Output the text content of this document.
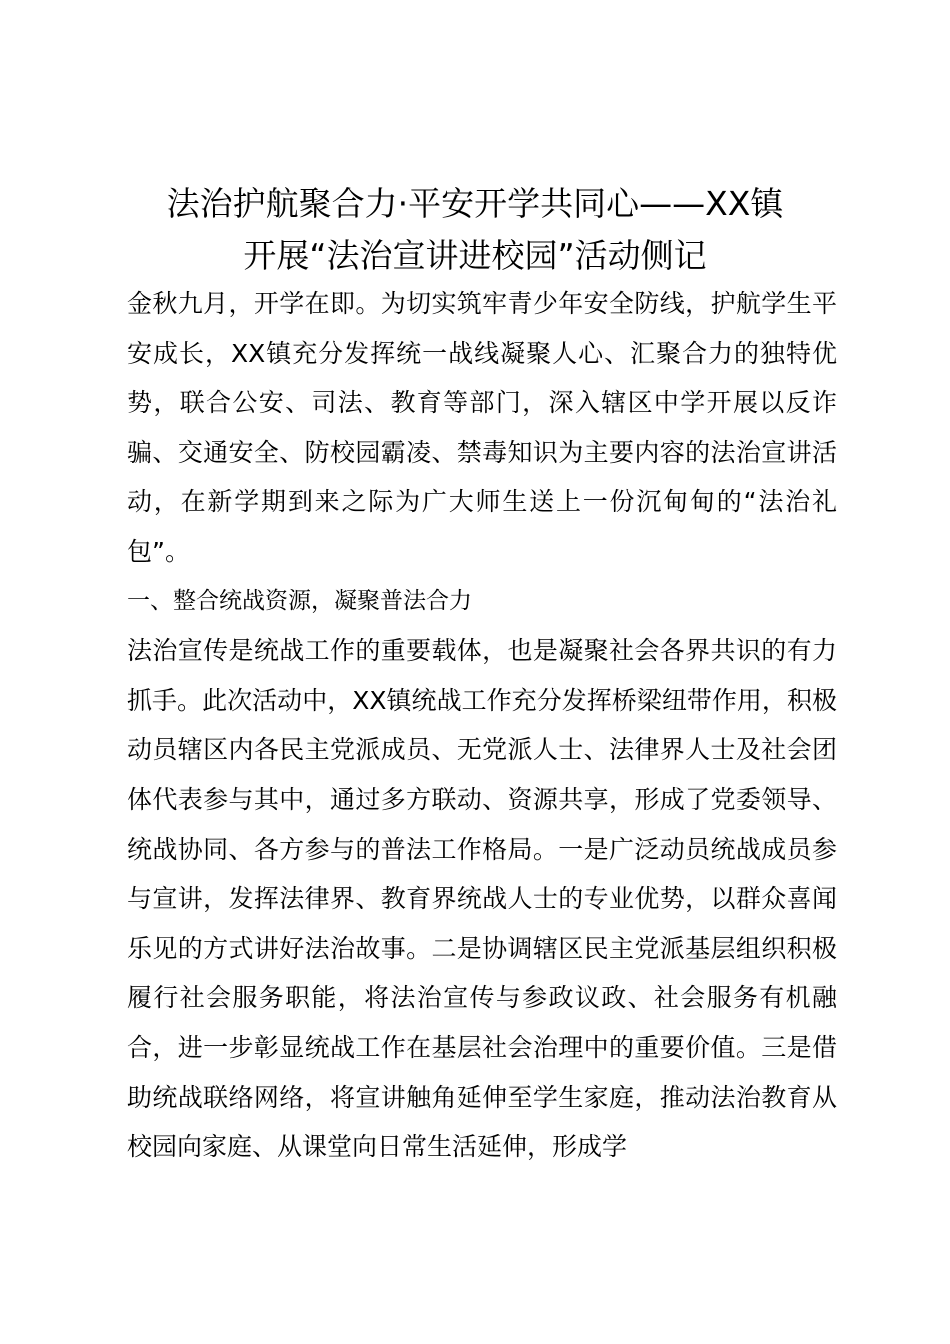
法治护航聚合力·平安开学共同心——XX镇
开展“法治宣讲进校园”活动侧记

金秋九月，开学在即。为切实筑牢青少年安全防线，护航学生平安成长，XX镇充分发挥统一战线凝聚人心、汇聚合力的独特优势，联合公安、司法、教育等部门，深入辖区中学开展以反诈骗、交通安全、防校园霸凌、禁毒知识为主要内容的法治宣讲活动，在新学期到来之际为广大师生送上一份沉甸甸的“法治礼包”。

一、整合统战资源，凝聚普法合力

法治宣传是统战工作的重要载体，也是凝聚社会各界共识的有力抓手。此次活动中，XX镇统战工作充分发挥桥梁纽带作用，积极动员辖区内各民主党派成员、无党派人士、法律界人士及社会团体代表参与其中，通过多方联动、资源共享，形成了党委领导、统战协同、各方参与的普法工作格局。一是广泛动员统战成员参与宣讲，发挥法律界、教育界统战人士的专业优势，以群众喜闻乐见的方式讲好法治故事。二是协调辖区民主党派基层组织积极履行社会服务职能，将法治宣传与参政议政、社会服务有机融合，进一步彰显统战工作在基层社会治理中的重要价值。三是借助统战联络网络，将宣讲触角延伸至学生家庭，推动法治教育从校园向家庭、从课堂向日常生活延伸，形成学
